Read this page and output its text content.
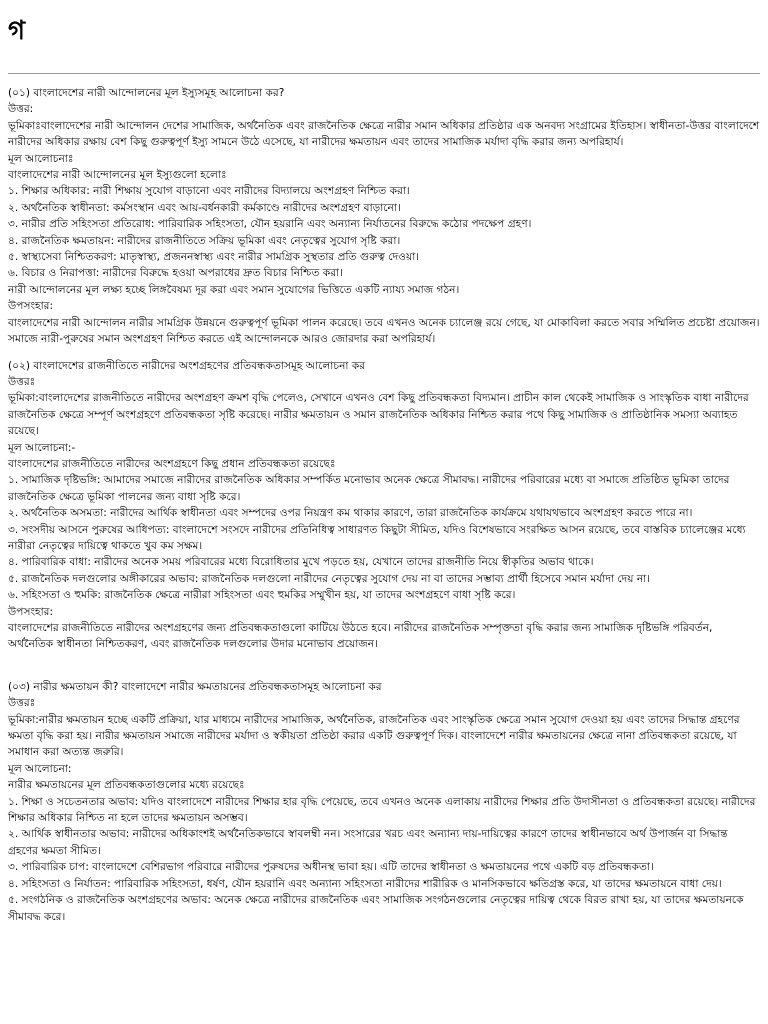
গ

(০১) বাংলাদেশের নারী আন্দোলনের মূল ইস্যুসমূহ আলোচনা কর?

উত্তর:

ভূমিকাঃবাংলাদেশের নারী আন্দোলন দেশের সামাজিক, অর্থনৈতিক এবং রাজনৈতিক ক্ষেত্রে নারীর সমান অধিকার প্রতিষ্ঠার এক অনবদ্য সংগ্রামের ইতিহাস। স্বাধীনতা-উত্তর বাংলাদেশে নারীদের অধিকার রক্ষায় বেশ কিছু গুরুত্বপূর্ণ ইস্যু সামনে উঠে এসেছে, যা নারীদের ক্ষমতায়ন এবং তাদের সামাজিক মর্যাদা বৃদ্ধি করার জন্য অপরিহার্য।

মূল আলোচনাঃ

বাংলাদেশের নারী আন্দোলনের মূল ইস্যুগুলো হলোঃ

১. শিক্ষার অধিকার: নারী শিক্ষায় সুযোগ বাড়ানো এবং নারীদের বিদ্যালয়ে অংশগ্রহণ নিশ্চিত করা।

২. অর্থনৈতিক স্বাধীনতা: কর্মসংস্থান এবং আয়-বর্ধনকারী কর্মকাণ্ডে নারীদের অংশগ্রহণ বাড়ানো।

৩. নারীর প্রতি সহিংসতা প্রতিরোধ: পারিবারিক সহিংসতা, যৌন হয়রানি এবং অন্যান্য নির্যাতনের বিরুদ্ধে কঠোর পদক্ষেপ গ্রহণ।

৪. রাজনৈতিক ক্ষমতায়ন: নারীদের রাজনীতিতে সক্রিয় ভূমিকা এবং নেতৃত্বের সুযোগ সৃষ্টি করা।

৫. স্বাস্থ্যসেবা নিশ্চিতকরণ: মাতৃস্বাস্থ্য, প্রজননস্বাস্থ্য এবং নারীর সামগ্রিক সুস্থতার প্রতি গুরুত্ব দেওয়া।

৬. বিচার ও নিরাপত্তা: নারীদের বিরুদ্ধে হওয়া অপরাধের দ্রুত বিচার নিশ্চিত করা।

নারী আন্দোলনের মূল লক্ষ্য হচ্ছে লিঙ্গবৈষম্য দূর করা এবং সমান সুযোগের ভিত্তিতে একটি ন্যায্য সমাজ গঠন।

উপসংহার:

বাংলাদেশের নারী আন্দোলন নারীর সামগ্রিক উন্নয়নে গুরুত্বপূর্ণ ভূমিকা পালন করেছে। তবে এখনও অনেক চ্যালেঞ্জ রয়ে গেছে, যা মোকাবিলা করতে সবার সম্মিলিত প্রচেষ্টা প্রয়োজন। সমাজে নারী-পুরুষের সমান অংশগ্রহণ নিশ্চিত করতে এই আন্দোলনকে আরও জোরদার করা অপরিহার্য।

(০২) বাংলাদেশের রাজনীতিতে নারীদের অংশগ্রহণের প্রতিবন্ধকতাসমূহ আলোচনা কর

উত্তরঃ

ভূমিকা:বাংলাদেশের রাজনীতিতে নারীদের অংশগ্রহণ ক্রমশ বৃদ্ধি পেলেও, সেখানে এখনও বেশ কিছু প্রতিবন্ধকতা বিদ্যমান। প্রাচীন কাল থেকেই সামাজিক ও সাংস্কৃতিক বাধা নারীদের রাজনৈতিক ক্ষেত্রে সম্পূর্ণ অংশগ্রহণে প্রতিবন্ধকতা সৃষ্টি করেছে। নারীর ক্ষমতায়ন ও সমান রাজনৈতিক অধিকার নিশ্চিত করার পথে কিছু সামাজিক ও প্রাতিষ্ঠানিক সমস্যা অব্যাহত রয়েছে।

মূল আলোচনা:-

বাংলাদেশের রাজনীতিতে নারীদের অংশগ্রহণে কিছু প্রধান প্রতিবন্ধকতা রয়েছেঃ

১. সামাজিক দৃষ্টিভঙ্গি: আমাদের সমাজে নারীদের রাজনৈতিক অধিকার সম্পর্কিত মনোভাব অনেক ক্ষেত্রে সীমাবদ্ধ। নারীদের পরিবারের মধ্যে বা সমাজে প্রতিষ্ঠিত ভূমিকা তাদের রাজনৈতিক ক্ষেত্রে ভূমিকা পালনের জন্য বাধা সৃষ্টি করে।

২. অর্থনৈতিক অসমতা: নারীদের আর্থিক স্বাধীনতা এবং সম্পদের ওপর নিয়ন্ত্রণ কম থাকার কারণে, তারা রাজনৈতিক কার্যক্রমে যথাযথভাবে অংশগ্রহণ করতে পারে না।

৩. সংসদীয় আসনে পুরুষের আধিপত্য: বাংলাদেশে সংসদে নারীদের প্রতিনিধিত্ব সাধারণত কিছুটা সীমিত, যদিও বিশেষভাবে সংরক্ষিত আসন রয়েছে, তবে বাস্তবিক চ্যালেঞ্জের মধ্যে নারীরা নেতৃত্বের দায়িত্বে থাকতে খুব কম সক্ষম।

৪. পারিবারিক বাধা: নারীদের অনেক সময় পরিবারের মধ্যে বিরোধিতার মুখে পড়তে হয়, যেখানে তাদের রাজনীতি নিয়ে স্বীকৃতির অভাব থাকে।

৫. রাজনৈতিক দলগুলোর অঙ্গীকারের অভাব: রাজনৈতিক দলগুলো নারীদের নেতৃত্বের সুযোগ দেয় না বা তাদের সম্ভাব্য প্রার্থী হিসেবে সমান মর্যাদা দেয় না।

৬. সহিংসতা ও হুমকি: রাজনৈতিক ক্ষেত্রে নারীরা সহিংসতা এবং হুমকির সম্মুখীন হয়, যা তাদের অংশগ্রহণে বাধা সৃষ্টি করে।

উপসংহার:

বাংলাদেশের রাজনীতিতে নারীদের অংশগ্রহণের জন্য প্রতিবন্ধকতাগুলো কাটিয়ে উঠতে হবে। নারীদের রাজনৈতিক সম্পৃক্ততা বৃদ্ধি করার জন্য সামাজিক দৃষ্টিভঙ্গি পরিবর্তন, অর্থনৈতিক স্বাধীনতা নিশ্চিতকরণ, এবং রাজনৈতিক দলগুলোর উদার মনোভাব প্রয়োজন।

(০৩) নারীর ক্ষমতায়ন কী? বাংলাদেশে নারীর ক্ষমতায়নের প্রতিবন্ধকতাসমূহ আলোচনা কর

উত্তরঃ

ভূমিকা:নারীর ক্ষমতায়ন হচ্ছে একটি প্রক্রিয়া, যার মাধ্যমে নারীদের সামাজিক, অর্থনৈতিক, রাজনৈতিক এবং সাংস্কৃতিক ক্ষেত্রে সমান সুযোগ দেওয়া হয় এবং তাদের সিদ্ধান্ত গ্রহণের ক্ষমতা বৃদ্ধি করা হয়। নারীর ক্ষমতায়ন সমাজে নারীদের মর্যাদা ও স্বকীয়তা প্রতিষ্ঠা করার একটি গুরুত্বপূর্ণ দিক। বাংলাদেশে নারীর ক্ষমতায়নের ক্ষেত্রে নানা প্রতিবন্ধকতা রয়েছে, যা সমাধান করা অত্যন্ত জরুরি।

মূল আলোচনা:

নারীর ক্ষমতায়নের মূল প্রতিবন্ধকতাগুলোর মধ্যে রয়েছেঃ

১. শিক্ষা ও সচেতনতার অভাব: যদিও বাংলাদেশে নারীদের শিক্ষার হার বৃদ্ধি পেয়েছে, তবে এখনও অনেক এলাকায় নারীদের শিক্ষার প্রতি উদাসীনতা ও প্রতিবন্ধকতা রয়েছে। নারীদের শিক্ষার অধিকার নিশ্চিত না হলে তাদের ক্ষমতায়ন অসম্ভব।

২. আর্থিক স্বাধীনতার অভাব: নারীদের অধিকাংশই অর্থনৈতিকভাবে স্বাবলম্বী নন। সংসারের খরচ এবং অন্যান্য দায়-দায়িত্বের কারণে তাদের স্বাধীনভাবে অর্থ উপার্জন বা সিদ্ধান্ত গ্রহণের ক্ষমতা সীমিত।

৩. পারিবারিক চাপ: বাংলাদেশে বেশিরভাগ পরিবারে নারীদের পুরুষদের অধীনস্থ ভাবা হয়। এটি তাদের স্বাধীনতা ও ক্ষমতায়নের পথে একটি বড় প্রতিবন্ধকতা।

৪. সহিংসতা ও নির্যাতন: পারিবারিক সহিংসতা, ধর্ষণ, যৌন হয়রানি এবং অন্যান্য সহিংসতা নারীদের শারীরিক ও মানসিকভাবে ক্ষতিগ্রস্ত করে, যা তাদের ক্ষমতায়নে বাধা দেয়।

৫. সংগঠনিক ও রাজনৈতিক অংশগ্রহণের অভাব: অনেক ক্ষেত্রে নারীদের রাজনৈতিক এবং সামাজিক সংগঠনগুলোর নেতৃত্বের দায়িত্ব থেকে বিরত রাখা হয়, যা তাদের ক্ষমতায়নকে সীমাবদ্ধ করে।
